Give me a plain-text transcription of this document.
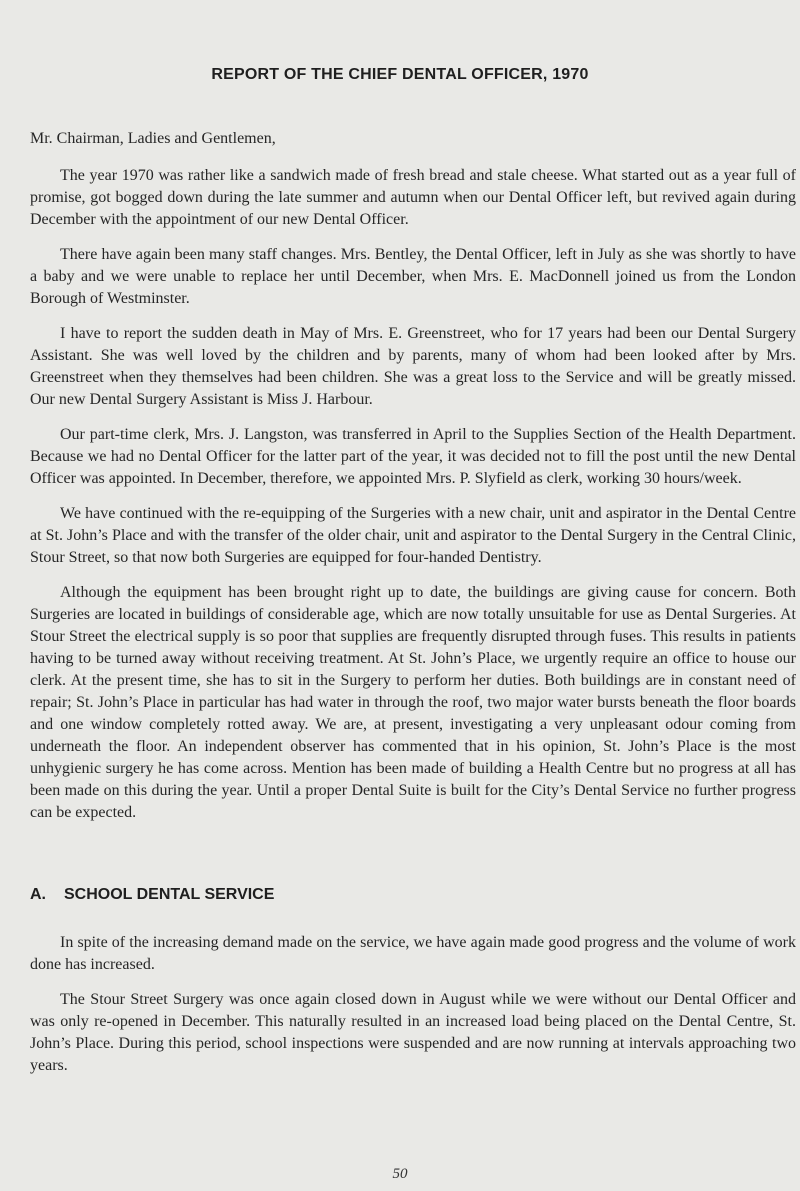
REPORT OF THE CHIEF DENTAL OFFICER, 1970
Mr. Chairman, Ladies and Gentlemen,

The year 1970 was rather like a sandwich made of fresh bread and stale cheese. What started out as a year full of promise, got bogged down during the late summer and autumn when our Dental Officer left, but revived again during December with the appointment of our new Dental Officer.

There have again been many staff changes. Mrs. Bentley, the Dental Officer, left in July as she was shortly to have a baby and we were unable to replace her until December, when Mrs. E. MacDonnell joined us from the London Borough of Westminster.

I have to report the sudden death in May of Mrs. E. Greenstreet, who for 17 years had been our Dental Surgery Assistant. She was well loved by the children and by parents, many of whom had been looked after by Mrs. Greenstreet when they themselves had been children. She was a great loss to the Service and will be greatly missed. Our new Dental Surgery Assistant is Miss J. Harbour.

Our part-time clerk, Mrs. J. Langston, was transferred in April to the Supplies Section of the Health Department. Because we had no Dental Officer for the latter part of the year, it was decided not to fill the post until the new Dental Officer was appointed. In December, therefore, we appointed Mrs. P. Slyfield as clerk, working 30 hours/week.

We have continued with the re-equipping of the Surgeries with a new chair, unit and aspirator in the Dental Centre at St. John’s Place and with the transfer of the older chair, unit and aspirator to the Dental Surgery in the Central Clinic, Stour Street, so that now both Surgeries are equipped for four-handed Dentistry.

Although the equipment has been brought right up to date, the buildings are giving cause for concern. Both Surgeries are located in buildings of considerable age, which are now totally unsuitable for use as Dental Surgeries. At Stour Street the electrical supply is so poor that supplies are frequently disrupted through fuses. This results in patients having to be turned away without receiving treatment. At St. John’s Place, we urgently require an office to house our clerk. At the present time, she has to sit in the Surgery to perform her duties. Both buildings are in constant need of repair; St. John’s Place in particular has had water in through the roof, two major water bursts beneath the floor boards and one window completely rotted away. We are, at present, investigating a very unpleasant odour coming from underneath the floor. An independent observer has commented that in his opinion, St. John’s Place is the most unhygienic surgery he has come across. Mention has been made of building a Health Centre but no progress at all has been made on this during the year. Until a proper Dental Suite is built for the City’s Dental Service no further progress can be expected.

A. SCHOOL DENTAL SERVICE

In spite of the increasing demand made on the service, we have again made good progress and the volume of work done has increased.

The Stour Street Surgery was once again closed down in August while we were without our Dental Officer and was only re-opened in December. This naturally resulted in an increased load being placed on the Dental Centre, St. John’s Place. During this period, school inspections were suspended and are now running at intervals approaching two years.

50
